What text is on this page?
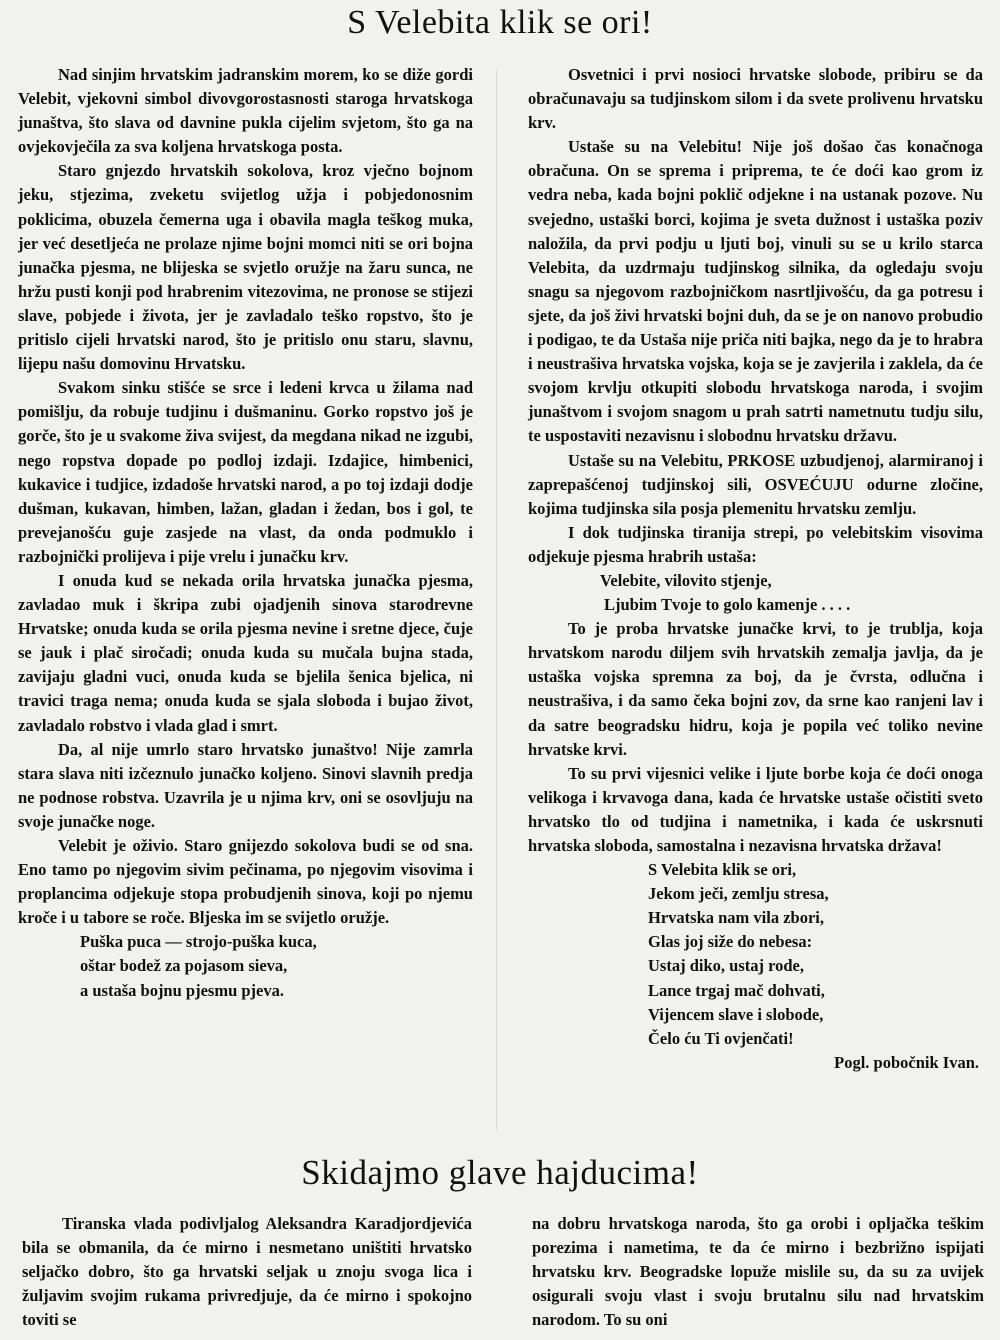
S Velebita klik se ori!

Nad sinjim hrvatskim jadranskim morem, ko se diže gordi Velebit, vjekovni simbol divovgorostasnosti staroga hrvatskoga junaštva, što slava od davnine pukla cijelim svjetom, što ga na ovjekovječila za sva koljena hrvatskoga posta.

Staro gnjezdo hrvatskih sokolova, kroz vječno bojnom jeku, stjezima, zveketu svijetlog užja i pobjedonosnim poklicima, obuzela čemerna uga i obavila magla teškog muka, jer već desetljeća ne prolaze njime bojni momci niti se ori bojna junačka pjesma, ne blijeska se svjetlo oružje na žaru sunca, ne hržu pusti konji pod hrabrenim vitezovima, ne pronose se stijezi slave, pobjede i života, jer je zavladalo teško ropstvo, što je pritislo cijeli hrvatski narod, što je pritislo onu staru, slavnu, lijepu našu domovinu Hrvatsku.

Svakom sinku stišće se srce i ledeni krvca u žilama nad pomišlju, da robuje tudjinu i dušmaninu. Gorko ropstvo još je gorče, što je u svakome živa svijest, da megdana nikad ne izgubi, nego ropstva dopade po podloj izdaji. Izdajice, himbenici, kukavice i tudjice, izdadoše hrvatski narod, a po toj izdaji dodje dušman, kukavan, himben, lažan, gladan i žedan, bos i gol, te prevejanošću guje zasjede na vlast, da onda podmuklo i razbojnički prolijeva i pije vrelu i junačku krv.

I onuda kud se nekada orila hrvatska junačka pjesma, zavladao muk i škripa zubi ojadjenih sinova starodrevne Hrvatske; onuda kuda se orila pjesma nevine i sretne djece, čuje se jauk i plač siročadi; onuda kuda su mučala bujna stada, zavijaju gladni vuci, onuda kuda se bjelila šenica bjelica, ni travici traga nema; onuda kuda se sjala sloboda i bujao život, zavladalo robstvo i vlada glad i smrt.

Da, al nije umrlo staro hrvatsko junaštvo! Nije zamrla stara slava niti izčeznulo junačko koljeno. Sinovi slavnih predja ne podnose robstva. Uzavrila je u njima krv, oni se osovljuju na svoje junačke noge.

Velebit je oživio. Staro gnijezdo sokolova budi se od sna. Eno tamo po njegovim sivim pečinama, po njegovim visovima i proplancima odjekuje stopa probudjenih sinova, koji po njemu kroče i u tabore se roče. Bljeska im se svijetlo oružje.

Puška puca — strojo-puška kuca,
oštar bodež za pojasom sieva,
a ustaša bojnu pjesmu pjeva.

Osvetnici i prvi nosioci hrvatske slobode, pribiru se da obračunavaju sa tudjinskom silom i da svete prolivenu hrvatsku krv.

Ustaše su na Velebitu! Nije još došao čas konačnoga obračuna. On se sprema i priprema, te će doći kao grom iz vedra neba, kada bojni poklič odjekne i na ustanak pozove. Nu svejedno, ustaški borci, kojima je sveta dužnost i ustaška poziv naložila, da prvi podju u ljuti boj, vinuli su se u krilo starca Velebita, da uzdrmaju tudjinskog silnika, da ogledaju svoju snagu sa njegovom razbojničkom nasrtljivošću, da ga potresu i sjete, da još živi hrvatski bojni duh, da se je on nanovo probudio i podigao, te da Ustaša nije priča niti bajka, nego da je to hrabra i neustrašiva hrvatska vojska, koja se je zavjerila i zaklela, da će svojom krvlju otkupiti slobodu hrvatskoga naroda, i svojim junaštvom i svojom snagom u prah satrti nametnutu tudju silu, te uspostaviti nezavisnu i slobodnu hrvatsku državu.

Ustaše su na Velebitu, PRKOSE uzbudjenoj, alarmiranoj i zaprepašćenoj tudjinskoj sili, OSVEĆUJU odurne zločine, kojima tudjinska sila posja plemenitu hrvatsku zemlju.

I dok tudjinska tiranija strepi, po velebitskim visovima odjekuje pjesma hrabrih ustaša:

Velebite, vilovito stjenje,
Ljubim Tvoje to golo kamenje . . . .

To je proba hrvatske junačke krvi, to je trublja, koja hrvatskom narodu diljem svih hrvatskih zemalja javlja, da je ustaška vojska spremna za boj, da je čvrsta, odlučna i neustrašiva, i da samo čeka bojni zov, da srne kao ranjeni lav i da satre beogradsku hidru, koja je popila već toliko nevine hrvatske krvi.

To su prvi vijesnici velike i ljute borbe koja će doći onoga velikoga i krvavoga dana, kada će hrvatske ustaše očistiti sveto hrvatsko tlo od tudjina i nametnika, i kada će uskrsnuti hrvatska sloboda, samostalna i nezavisna hrvatska država!

S Velebita klik se ori,
Jekom ječi, zemlju stresa,
Hrvatska nam vila zbori,
Glas joj siže do nebesa:
Ustaj diko, ustaj rode,
Lance trgaj mač dohvati,
Vijencem slave i slobode,
Čelo ću Ti ovjenčati!
Pogl. pobočnik Ivan.
Skidajmo glave hajducima!

Tiranska vlada podivljalog Aleksandra Karadjordjevića bila se obmanila, da će mirno i nesmetano uništiti hrvatsko seljačko dobro, što ga hrvatski seljak u znoju svoga lica i žuljavim svojim rukama privredjuje, da će mirno i spokojno toviti se

na dobru hrvatskoga naroda, što ga orobi i opljačka teškim porezima i nametima, te da će mirno i bezbrižno ispijati hrvatsku krv. Beogradske lopuže mislile su, da su za uvijek osigurali svoju vlast i svoju brutalnu silu nad hrvatskim narodom. To su oni
